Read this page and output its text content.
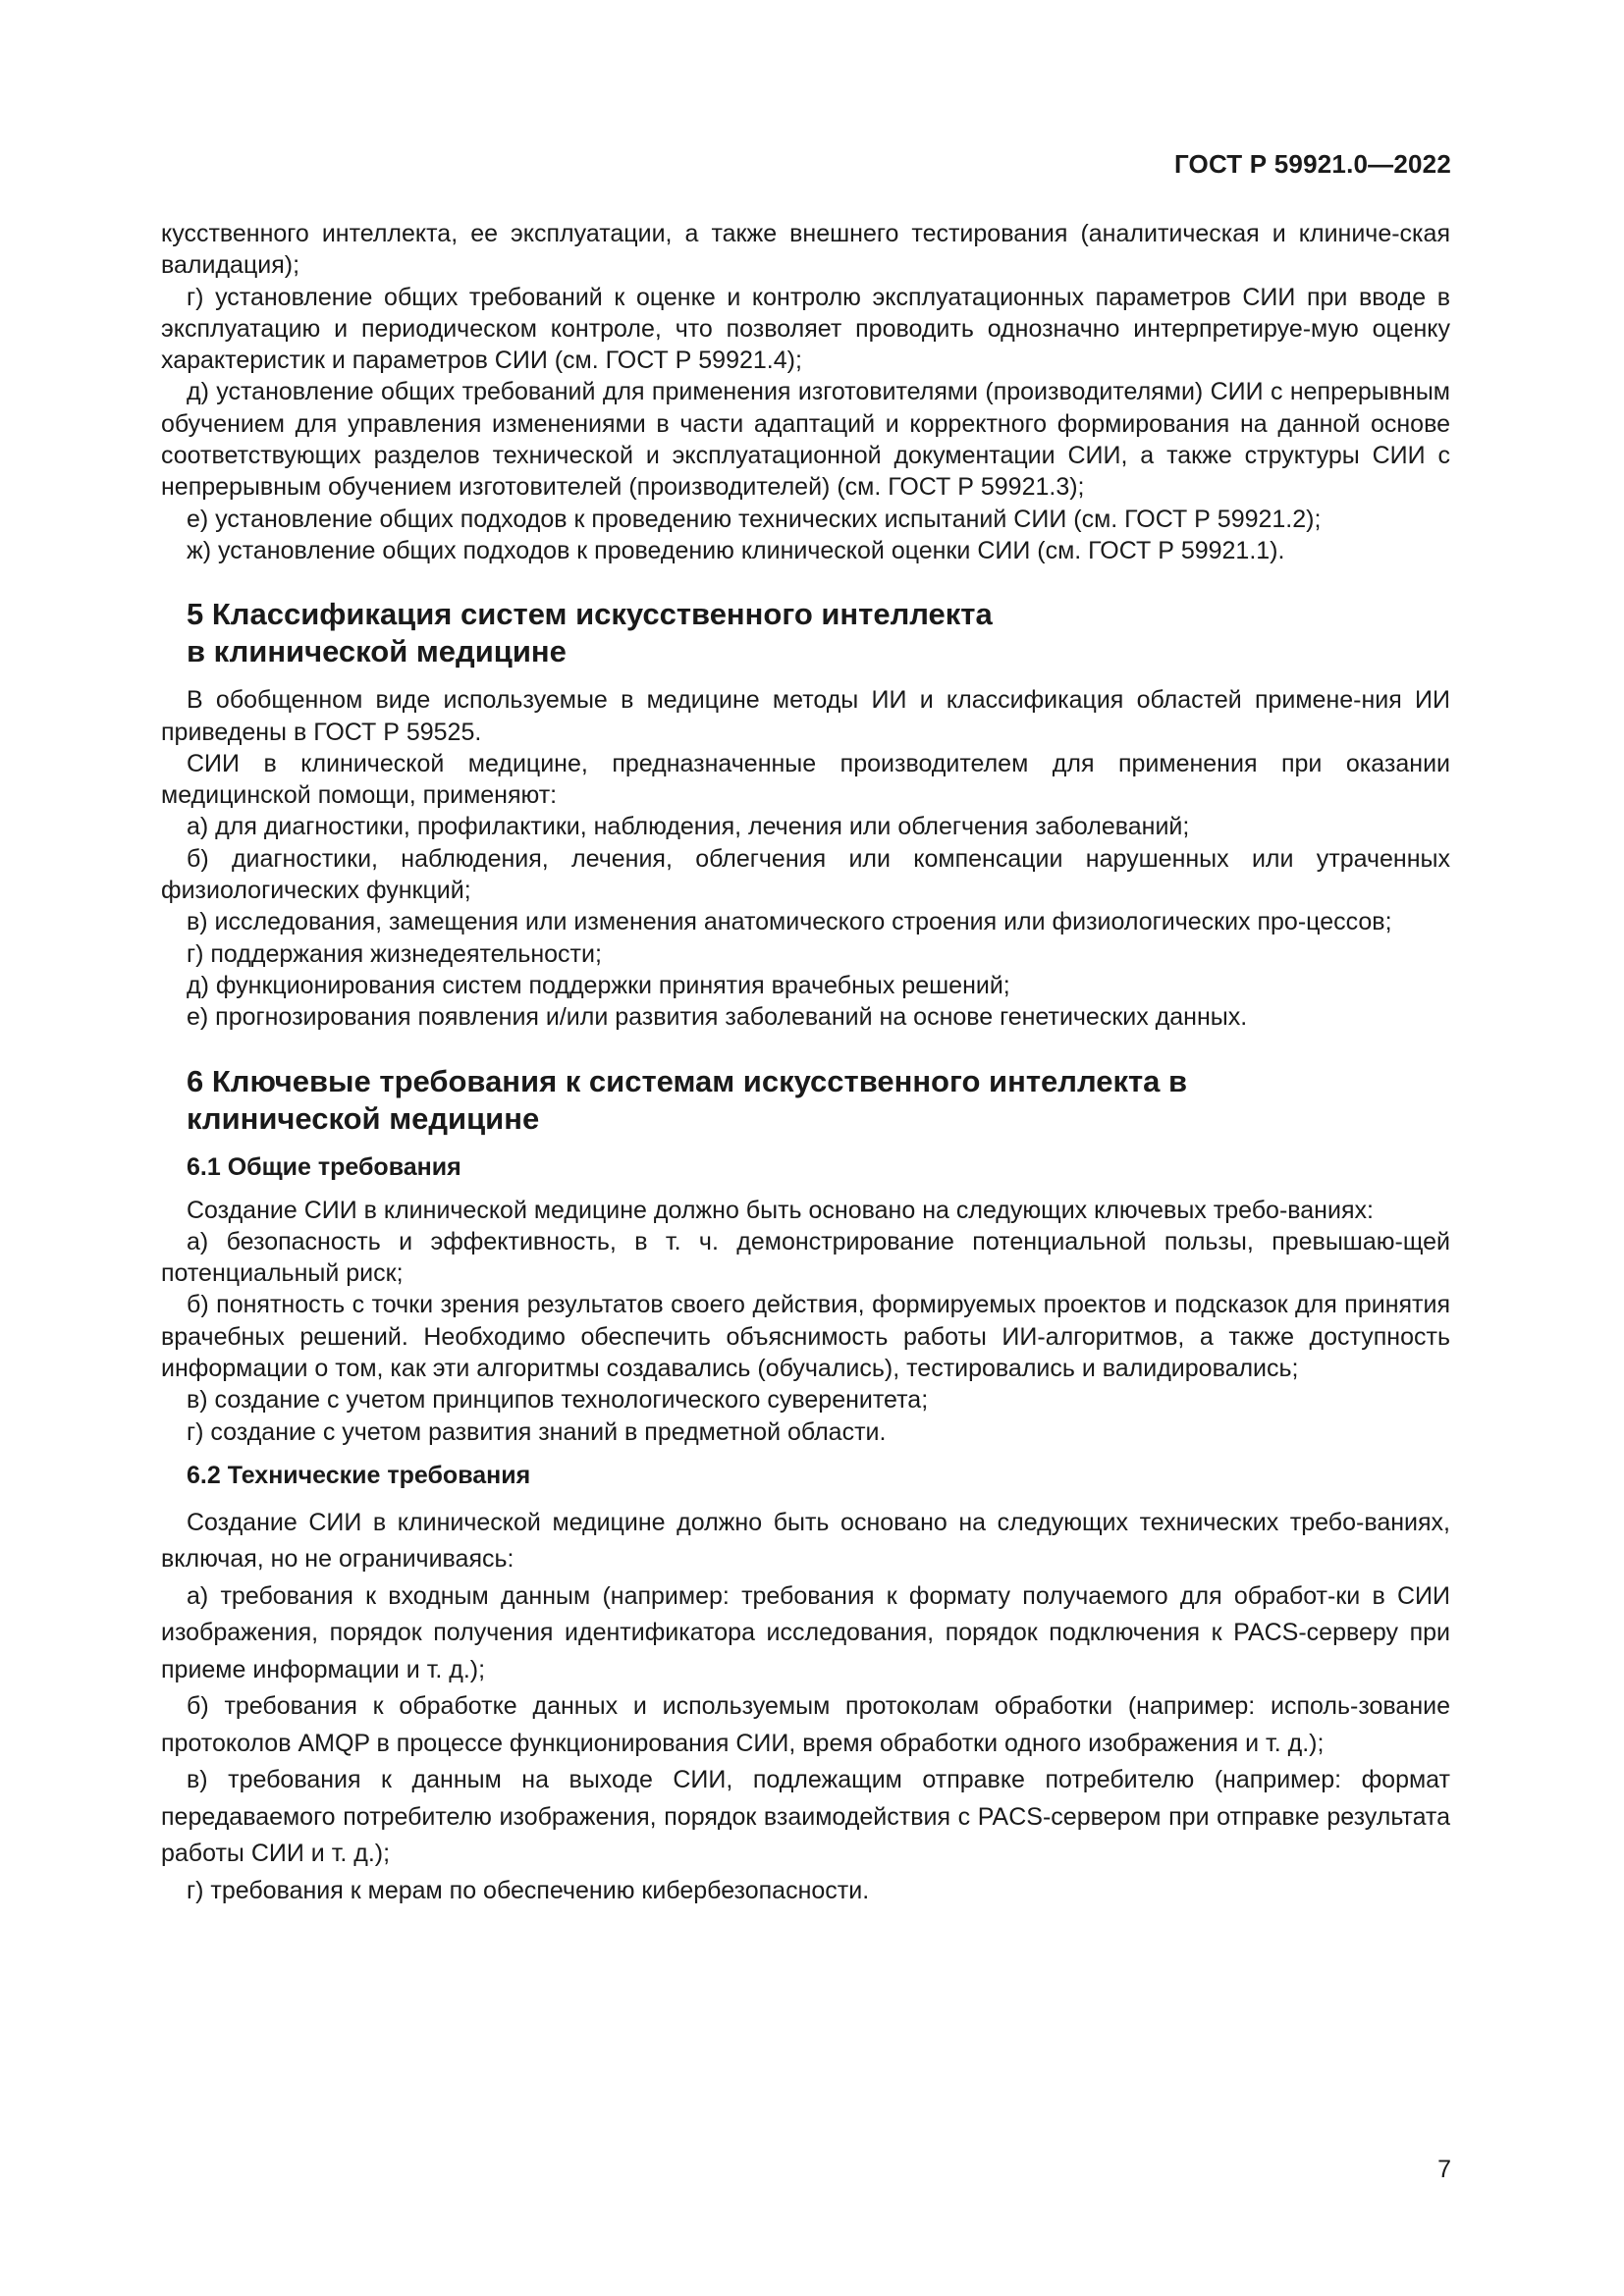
ГОСТ Р 59921.0—2022

кусственного интеллекта, ее эксплуатации, а также внешнего тестирования (аналитическая и клиниче-ская валидация);

г) установление общих требований к оценке и контролю эксплуатационных параметров СИИ при вводе в эксплуатацию и периодическом контроле, что позволяет проводить однозначно интерпретируе-мую оценку характеристик и параметров СИИ (см. ГОСТ Р 59921.4);

д) установление общих требований для применения изготовителями (производителями) СИИ с непрерывным обучением для управления изменениями в части адаптаций и корректного формирования на данной основе соответствующих разделов технической и эксплуатационной документации СИИ, а также структуры СИИ с непрерывным обучением изготовителей (производителей) (см. ГОСТ Р 59921.3);

е) установление общих подходов к проведению технических испытаний СИИ (см. ГОСТ Р 59921.2);

ж) установление общих подходов к проведению клинической оценки СИИ (см. ГОСТ Р 59921.1).

5 Классификация систем искусственного интеллекта
в клинической медицине

В обобщенном виде используемые в медицине методы ИИ и классификация областей примене-ния ИИ приведены в ГОСТ Р 59525.

СИИ в клинической медицине, предназначенные производителем для применения при оказании медицинской помощи, применяют:

а) для диагностики, профилактики, наблюдения, лечения или облегчения заболеваний;

б) диагностики, наблюдения, лечения, облегчения или компенсации нарушенных или утраченных физиологических функций;

в) исследования, замещения или изменения анатомического строения или физиологических про-цессов;

г) поддержания жизнедеятельности;

д) функционирования систем поддержки принятия врачебных решений;

е) прогнозирования появления и/или развития заболеваний на основе генетических данных.

6 Ключевые требования к системам искусственного интеллекта в
клинической медицине
6.1 Общие требования

Создание СИИ в клинической медицине должно быть основано на следующих ключевых требо-ваниях:

а) безопасность и эффективность, в т. ч. демонстрирование потенциальной пользы, превышаю-щей потенциальный риск;

б) понятность с точки зрения результатов своего действия, формируемых проектов и подсказок для принятия врачебных решений. Необходимо обеспечить объяснимость работы ИИ-алгоритмов, а также доступность информации о том, как эти алгоритмы создавались (обучались), тестировались и валидировались;

в) создание с учетом принципов технологического суверенитета;

г) создание с учетом развития знаний в предметной области.

6.2 Технические требования

Создание СИИ в клинической медицине должно быть основано на следующих технических требо-ваниях, включая, но не ограничиваясь:

а) требования к входным данным (например: требования к формату получаемого для обработ-ки в СИИ изображения, порядок получения идентификатора исследования, порядок подключения к PACS-серверу при приеме информации и т. д.);

б) требования к обработке данных и используемым протоколам обработки (например: исполь-зование протоколов AMQP в процессе функционирования СИИ, время обработки одного изображения и т. д.);

в) требования к данным на выходе СИИ, подлежащим отправке потребителю (например: формат передаваемого потребителю изображения, порядок взаимодействия с PACS-сервером при отправке результата работы СИИ и т. д.);

г) требования к мерам по обеспечению кибербезопасности.

7
